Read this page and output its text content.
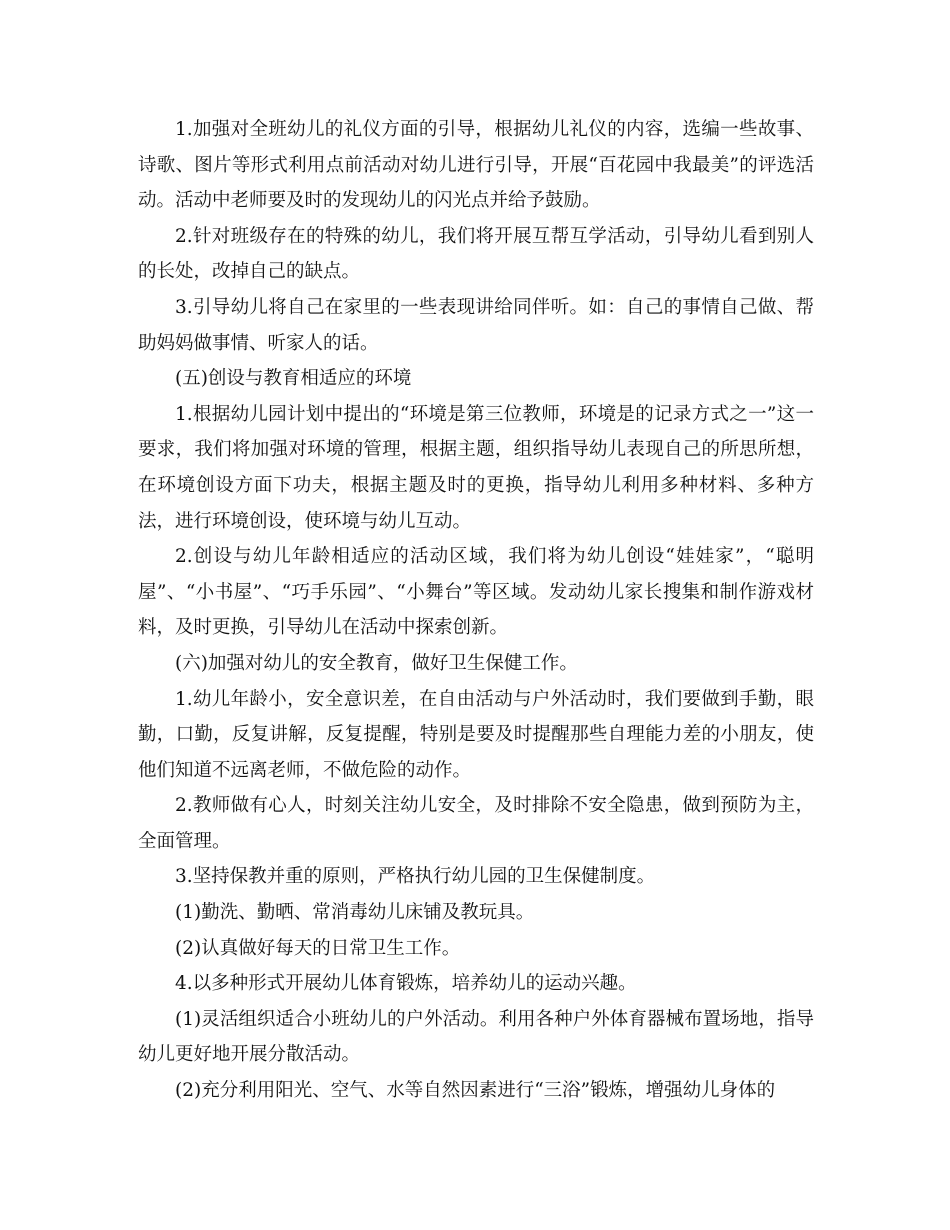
1.加强对全班幼儿的礼仪方面的引导，根据幼儿礼仪的内容，选编一些故事、诗歌、图片等形式利用点前活动对幼儿进行引导，开展“百花园中我最美”的评选活动。活动中老师要及时的发现幼儿的闪光点并给予鼓励。

2.针对班级存在的特殊的幼儿，我们将开展互帮互学活动，引导幼儿看到别人的长处，改掉自己的缺点。

3.引导幼儿将自己在家里的一些表现讲给同伴听。如：自己的事情自己做、帮助妈妈做事情、听家人的话。

(五)创设与教育相适应的环境

1.根据幼儿园计划中提出的“环境是第三位教师，环境是的记录方式之一”这一要求，我们将加强对环境的管理，根据主题，组织指导幼儿表现自己的所思所想，在环境创设方面下功夫，根据主题及时的更换，指导幼儿利用多种材料、多种方法，进行环境创设，使环境与幼儿互动。

2.创设与幼儿年龄相适应的活动区域，我们将为幼儿创设“娃娃家”，“聪明屋”、“小书屋”、“巧手乐园”、“小舞台”等区域。发动幼儿家长搜集和制作游戏材料，及时更换，引导幼儿在活动中探索创新。

(六)加强对幼儿的安全教育，做好卫生保健工作。

1.幼儿年龄小，安全意识差，在自由活动与户外活动时，我们要做到手勤，眼勤，口勤，反复讲解，反复提醒，特别是要及时提醒那些自理能力差的小朋友，使他们知道不远离老师，不做危险的动作。

2.教师做有心人，时刻关注幼儿安全，及时排除不安全隐患，做到预防为主，全面管理。

3.坚持保教并重的原则，严格执行幼儿园的卫生保健制度。

(1)勤洗、勤晒、常消毒幼儿床铺及教玩具。

(2)认真做好每天的日常卫生工作。

4.以多种形式开展幼儿体育锻炼，培养幼儿的运动兴趣。

(1)灵活组织适合小班幼儿的户外活动。利用各种户外体育器械布置场地，指导幼儿更好地开展分散活动。

(2)充分利用阳光、空气、水等自然因素进行“三浴”锻炼，增强幼儿身体的
